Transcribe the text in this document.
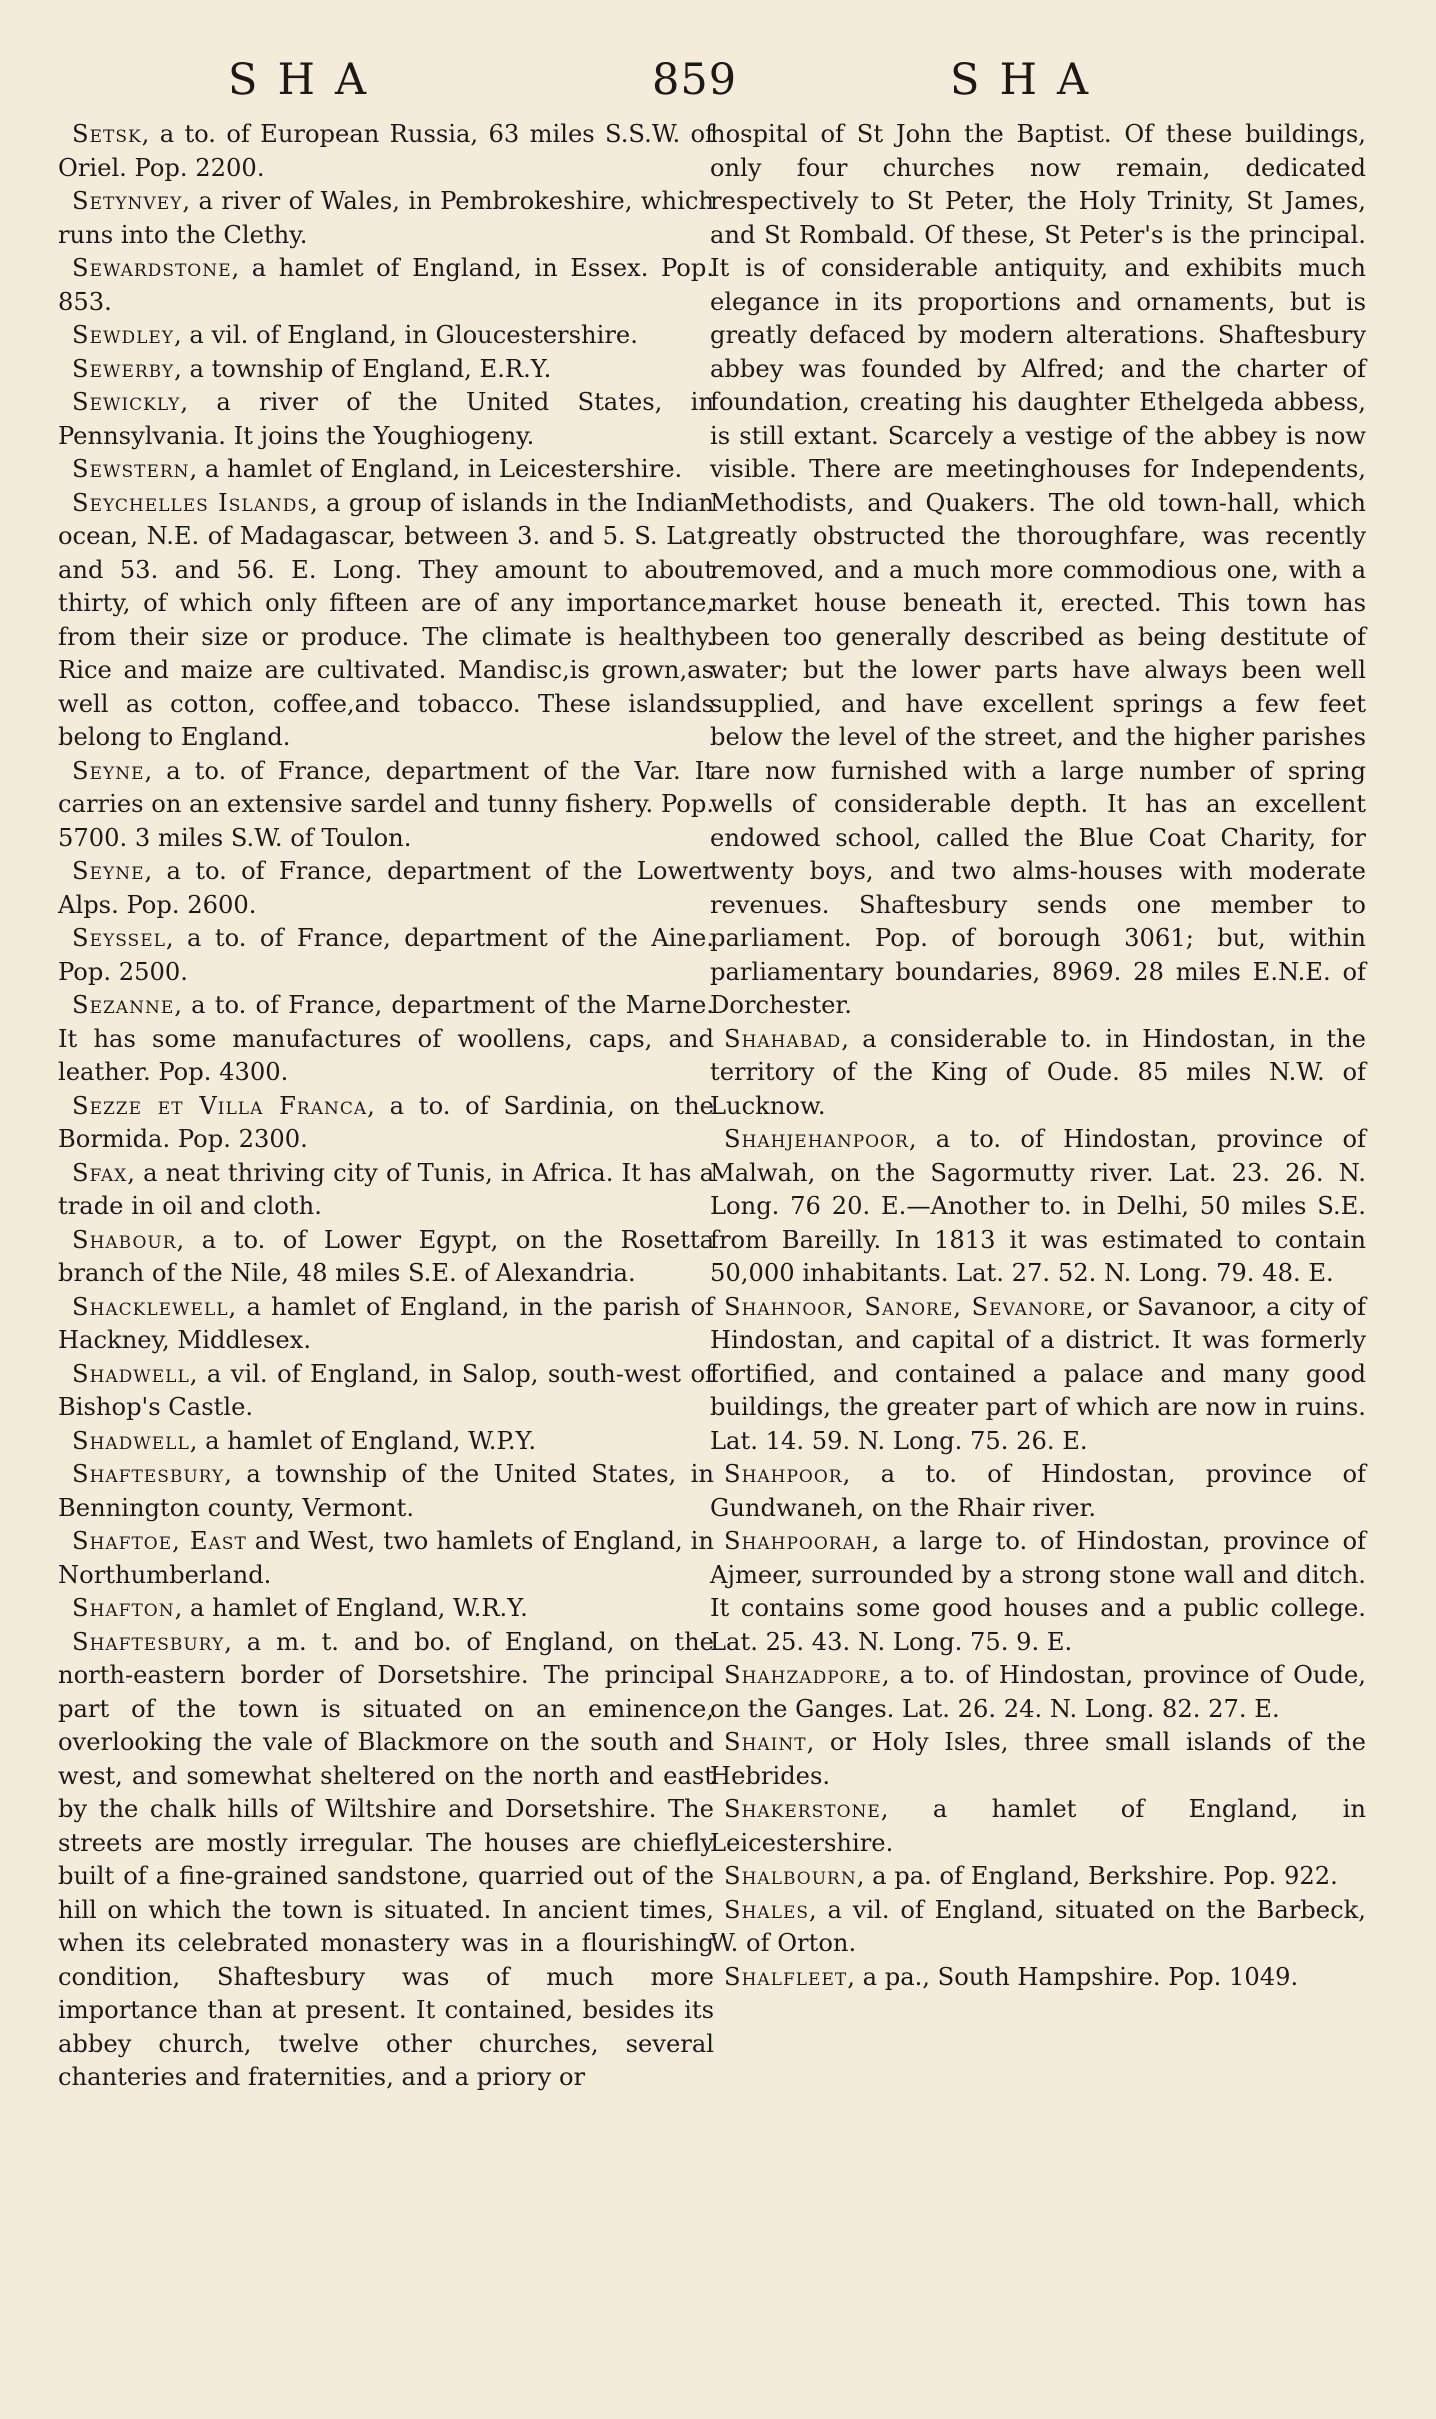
SHA	859	SHA

Setsk, a to. of European Russia, 63 miles S.S.W. of Oriel. Pop. 2200.

Setynvey, a river of Wales, in Pembrokeshire, which runs into the Clethy.

Sewardstone, a hamlet of England, in Essex. Pop. 853.

Sewdley, a vil. of England, in Gloucestershire.

Sewerby, a township of England, E.R.Y.

Sewickly, a river of the United States, in Pennsylvania. It joins the Youghiogeny.

Sewstern, a hamlet of England, in Leicestershire.

Seychelles Islands, a group of islands in the Indian ocean, N.E. of Madagascar, between 3. and 5. S. Lat. and 53. and 56. E. Long. They amount to about thirty, of which only fifteen are of any importance, from their size or produce. The climate is healthy. Rice and maize are cultivated. Mandisc,is grown,as well as cotton, coffee,and tobacco. These islands belong to England.

Seyne, a to. of France, department of the Var. It carries on an extensive sardel and tunny fishery. Pop. 5700. 3 miles S.W. of Toulon.

Seyne, a to. of France, department of the Lower Alps. Pop. 2600.

Seyssel, a to. of France, department of the Aine. Pop. 2500.

Sezanne, a to. of France, department of the Marne. It has some manufactures of woollens, caps, and leather. Pop. 4300.

Sezze et Villa Franca, a to. of Sardinia, on the Bormida. Pop. 2300.

Sfax, a neat thriving city of Tunis, in Africa. It has a trade in oil and cloth.

Shabour, a to. of Lower Egypt, on the Rosetta branch of the Nile, 48 miles S.E. of Alexandria.

Shacklewell, a hamlet of England, in the parish of Hackney, Middlesex.

Shadwell, a vil. of England, in Salop, south-west of Bishop's Castle.

Shadwell, a hamlet of England, W.P.Y.

Shaftesbury, a township of the United States, in Bennington county, Vermont.

Shaftoe, East and West, two hamlets of England, in Northumberland.

Shafton, a hamlet of England, W.R.Y.

Shaftesbury, a m. t. and bo. of England, on the north-eastern border of Dorsetshire. The principal part of the town is situated on an eminence, overlooking the vale of Blackmore on the south and west, and somewhat sheltered on the north and east by the chalk hills of Wiltshire and Dorsetshire. The streets are mostly irregular. The houses are chiefly built of a fine-grained sandstone, quarried out of the hill on which the town is situated. In ancient times, when its celebrated monastery was in a flourishing condition, Shaftesbury was of much more importance than at present. It contained, besides its abbey church, twelve other churches, several chanteries and fraternities, and a priory or

hospital of St John the Baptist. Of these buildings, only four churches now remain, dedicated respectively to St Peter, the Holy Trinity, St James, and St Rombald. Of these, St Peter's is the principal. It is of considerable antiquity, and exhibits much elegance in its proportions and ornaments, but is greatly defaced by modern alterations. Shaftesbury abbey was founded by Alfred; and the charter of foundation, creating his daughter Ethelgeda abbess, is still extant. Scarcely a vestige of the abbey is now visible. There are meetinghouses for Independents, Methodists, and Quakers. The old town-hall, which greatly obstructed the thoroughfare, was recently removed, and a much more commodious one, with a market house beneath it, erected. This town has been too generally described as being destitute of water; but the lower parts have always been well supplied, and have excellent springs a few feet below the level of the street, and the higher parishes are now furnished with a large number of spring wells of considerable depth. It has an excellent endowed school, called the Blue Coat Charity, for twenty boys, and two alms-houses with moderate revenues. Shaftesbury sends one member to parliament. Pop. of borough 3061; but, within parliamentary boundaries, 8969. 28 miles E.N.E. of Dorchester.

Shahabad, a considerable to. in Hindostan, in the territory of the King of Oude. 85 miles N.W. of Lucknow.

Shahjehanpoor, a to. of Hindostan, province of Malwah, on the Sagormutty river. Lat. 23. 26. N. Long. 76 20. E.—Another to. in Delhi, 50 miles S.E. from Bareilly. In 1813 it was estimated to contain 50,000 inhabitants. Lat. 27. 52. N. Long. 79. 48. E.

Shahnoor, Sanore, Sevanore, or Savanoor, a city of Hindostan, and capital of a district. It was formerly fortified, and contained a palace and many good buildings, the greater part of which are now in ruins. Lat. 14. 59. N. Long. 75. 26. E.

Shahpoor, a to. of Hindostan, province of Gundwaneh, on the Rhair river.

Shahpoorah, a large to. of Hindostan, province of Ajmeer, surrounded by a strong stone wall and ditch. It contains some good houses and a public college. Lat. 25. 43. N. Long. 75. 9. E.

Shahzadpore, a to. of Hindostan, province of Oude, on the Ganges. Lat. 26. 24. N. Long. 82. 27. E.

Shaint, or Holy Isles, three small islands of the Hebrides.

Shakerstone, a hamlet of England, in Leicestershire.

Shalbourn, a pa. of England, Berkshire. Pop. 922.

Shales, a vil. of England, situated on the Barbeck, W. of Orton.

Shalfleet, a pa., South Hampshire. Pop. 1049.
